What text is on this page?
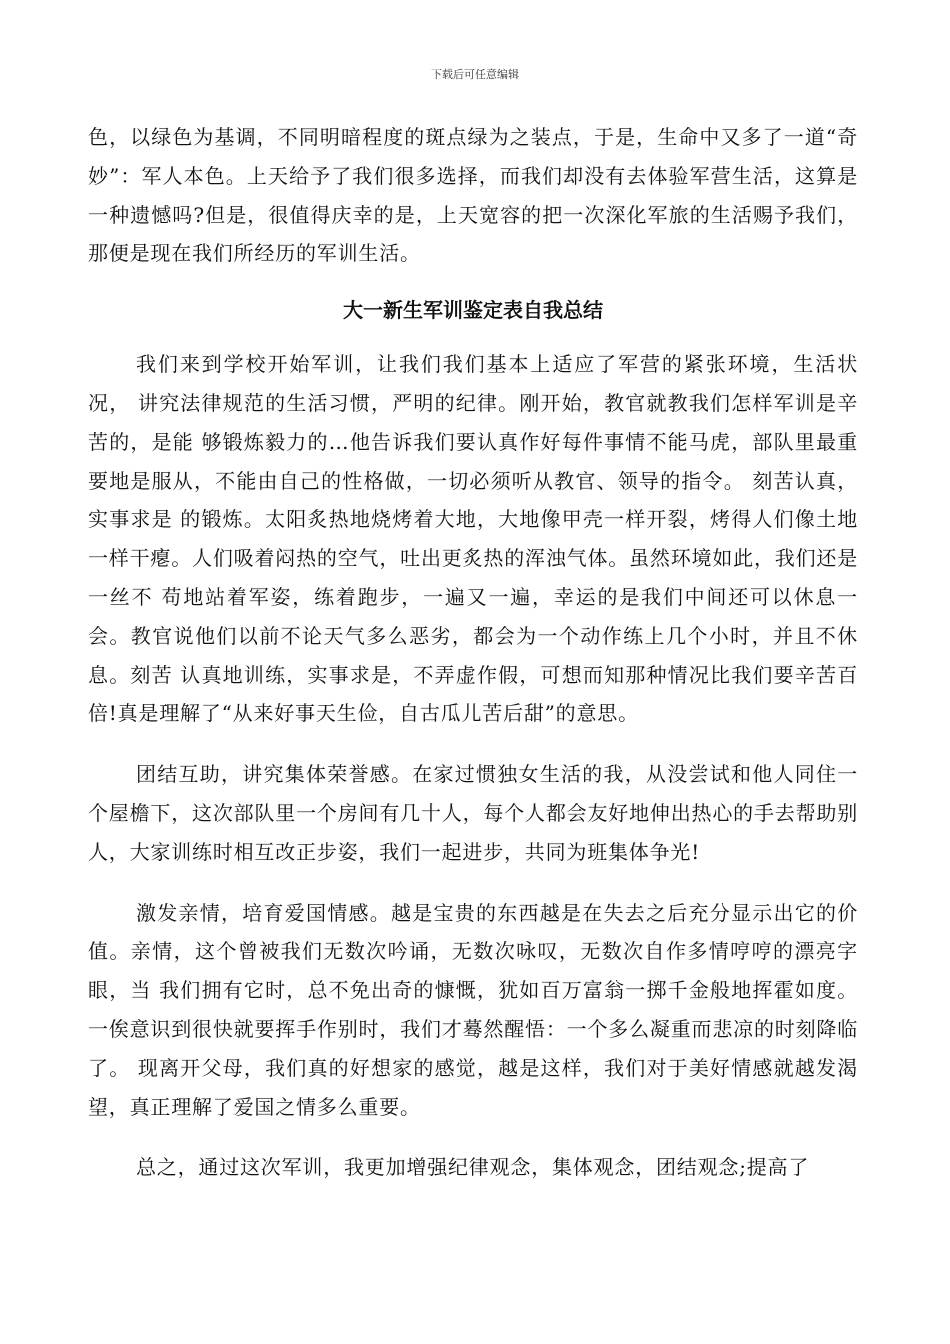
下载后可任意编辑

色，以绿色为基调，不同明暗程度的斑点绿为之装点，于是，生命中又多了一道“奇妙”：军人本色。上天给予了我们很多选择，而我们却没有去体验军营生活，这算是一种遗憾吗?但是，很值得庆幸的是，上天宽容的把一次深化军旅的生活赐予我们，那便是现在我们所经历的军训生活。

大一新生军训鉴定表自我总结

我们来到学校开始军训，让我们我们基本上适应了军营的紧张环境，生活状况， 讲究法律规范的生活习惯，严明的纪律。刚开始，教官就教我们怎样军训是辛苦的，是能 够锻炼毅力的…他告诉我们要认真作好每件事情不能马虎，部队里最重要地是服从，不能由自己的性格做，一切必须听从教官、领导的指令。 刻苦认真，实事求是 的锻炼。太阳炙热地烧烤着大地，大地像甲壳一样开裂，烤得人们像土地一样干瘪。人们吸着闷热的空气，吐出更炙热的浑浊气体。虽然环境如此，我们还是一丝不 苟地站着军姿，练着跑步，一遍又一遍，幸运的是我们中间还可以休息一会。教官说他们以前不论天气多么恶劣，都会为一个动作练上几个小时，并且不休息。刻苦 认真地训练，实事求是，不弄虚作假，可想而知那种情况比我们要辛苦百倍!真是理解了“从来好事天生俭，自古瓜儿苦后甜”的意思。

团结互助，讲究集体荣誉感。在家过惯独女生活的我，从没尝试和他人同住一个屋檐下，这次部队里一个房间有几十人，每个人都会友好地伸出热心的手去帮助别人，大家训练时相互改正步姿，我们一起进步，共同为班集体争光!

激发亲情，培育爱国情感。越是宝贵的东西越是在失去之后充分显示出它的价值。亲情，这个曾被我们无数次吟诵，无数次咏叹，无数次自作多情哼哼的漂亮字眼，当 我们拥有它时，总不免出奇的慷慨，犹如百万富翁一掷千金般地挥霍如度。一俟意识到很快就要挥手作别时，我们才蓦然醒悟：一个多么凝重而悲凉的时刻降临了。 现离开父母，我们真的好想家的感觉，越是这样，我们对于美好情感就越发渴望，真正理解了爱国之情多么重要。

总之，通过这次军训，我更加增强纪律观念，集体观念，团结观念;提高了
